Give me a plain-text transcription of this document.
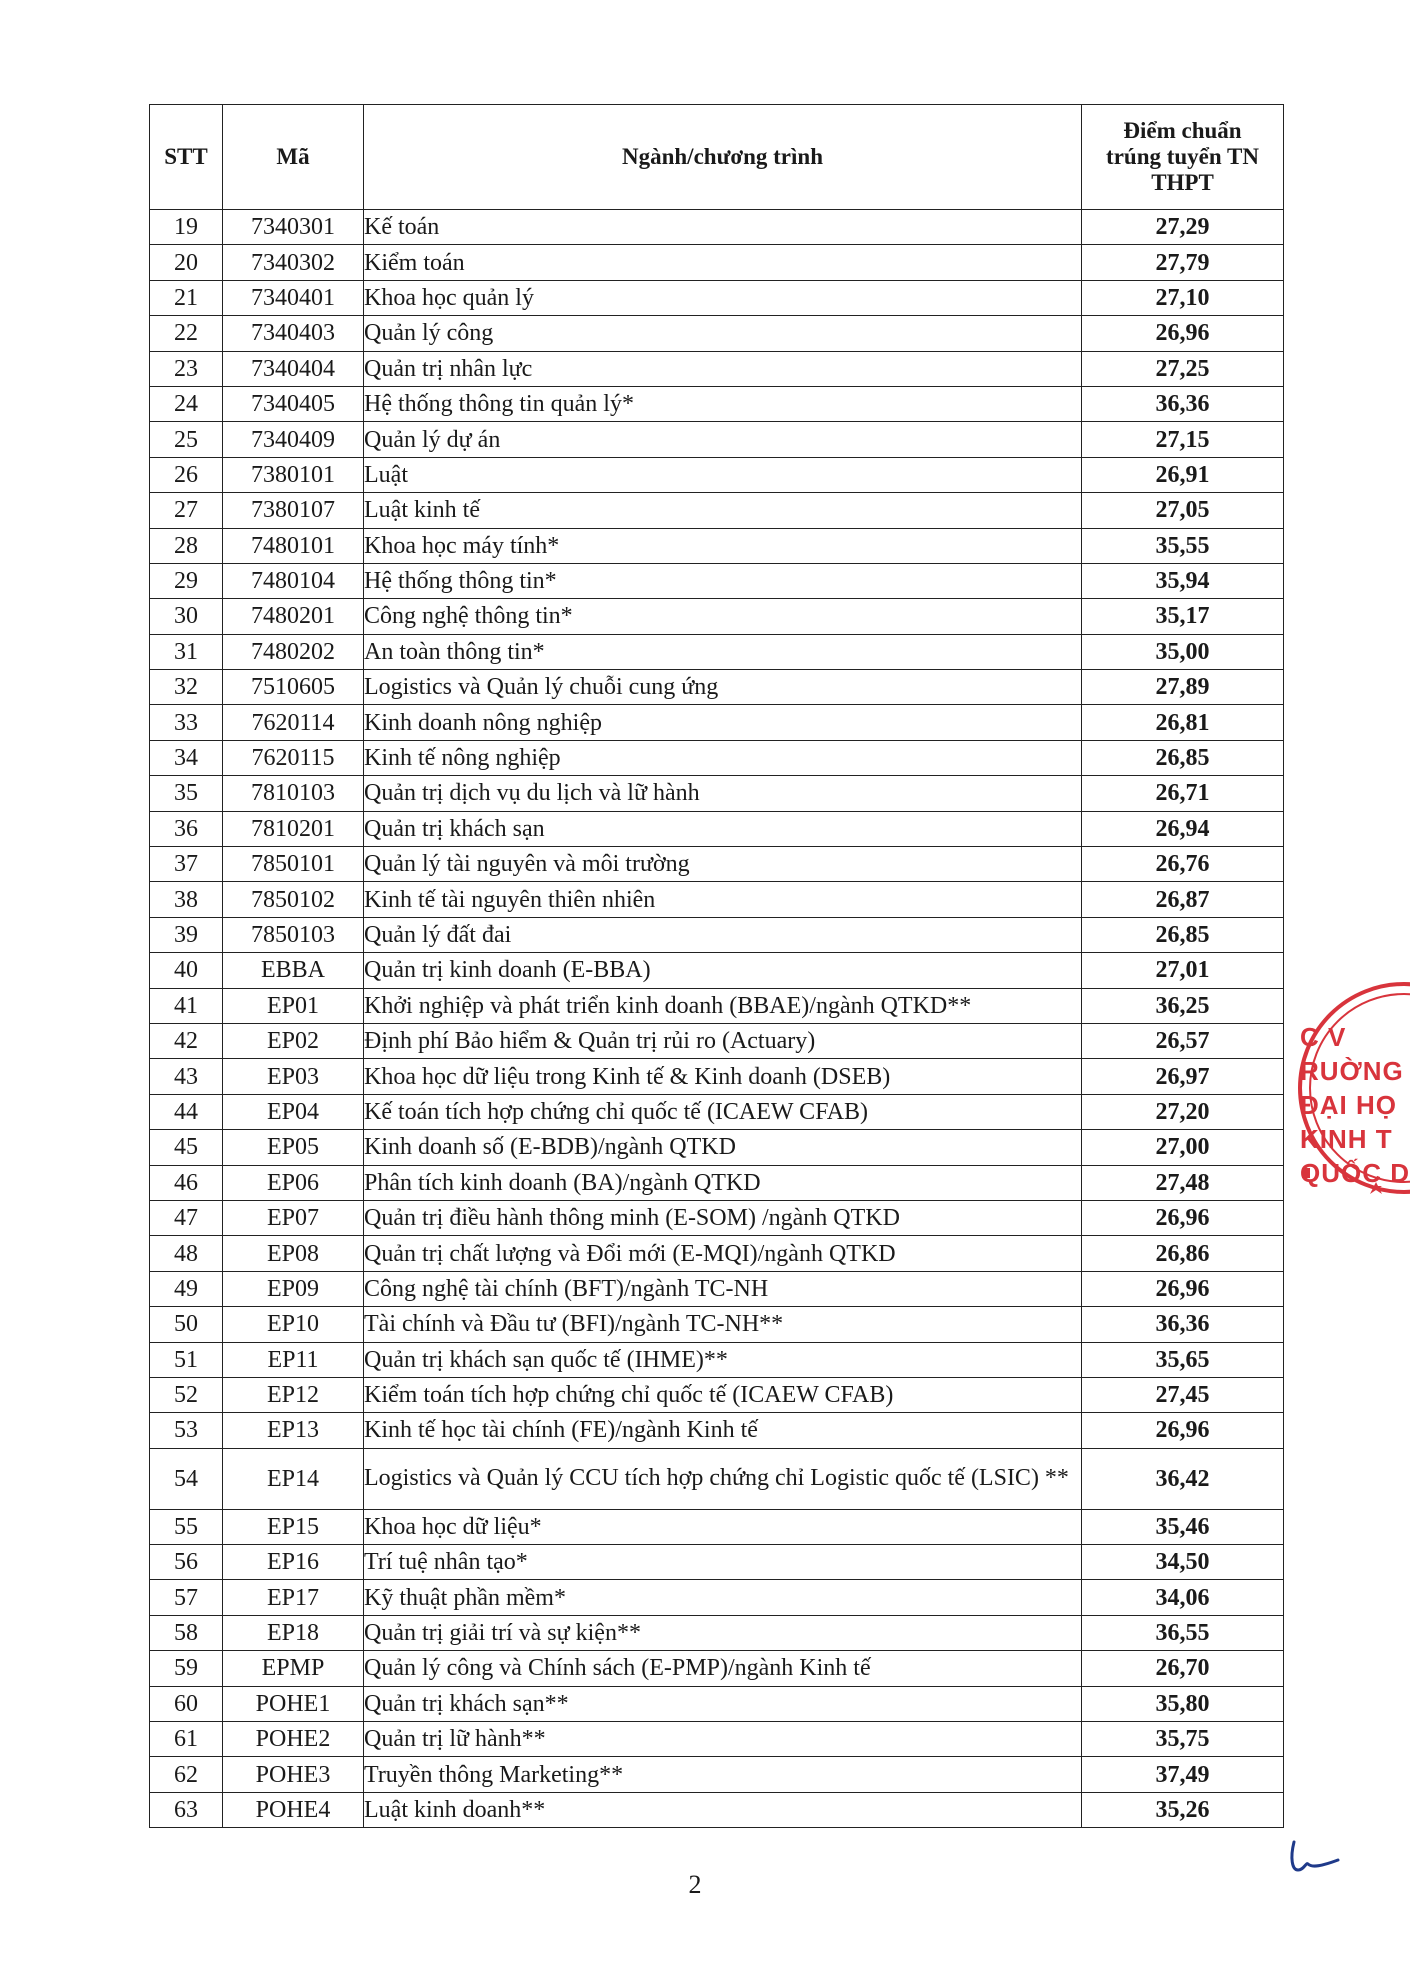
STT	Mã	Ngành/chương trình	Điểm chuẩn trúng tuyển TN THPT
19	7340301	Kế toán	27,29
20	7340302	Kiểm toán	27,79
21	7340401	Khoa học quản lý	27,10
22	7340403	Quản lý công	26,96
23	7340404	Quản trị nhân lực	27,25
24	7340405	Hệ thống thông tin quản lý*	36,36
25	7340409	Quản lý dự án	27,15
26	7380101	Luật	26,91
27	7380107	Luật kinh tế	27,05
28	7480101	Khoa học máy tính*	35,55
29	7480104	Hệ thống thông tin*	35,94
30	7480201	Công nghệ thông tin*	35,17
31	7480202	An toàn thông tin*	35,00
32	7510605	Logistics và Quản lý chuỗi cung ứng	27,89
33	7620114	Kinh doanh nông nghiệp	26,81
34	7620115	Kinh tế nông nghiệp	26,85
35	7810103	Quản trị dịch vụ du lịch và lữ hành	26,71
36	7810201	Quản trị khách sạn	26,94
37	7850101	Quản lý tài nguyên và môi trường	26,76
38	7850102	Kinh tế tài nguyên thiên nhiên	26,87
39	7850103	Quản lý đất đai	26,85
40	EBBA	Quản trị kinh doanh (E-BBA)	27,01
41	EP01	Khởi nghiệp và phát triển kinh doanh (BBAE)/ngành QTKD**	36,25
42	EP02	Định phí Bảo hiểm & Quản trị rủi ro (Actuary)	26,57
43	EP03	Khoa học dữ liệu trong Kinh tế & Kinh doanh (DSEB)	26,97
44	EP04	Kế toán tích hợp chứng chỉ quốc tế (ICAEW CFAB)	27,20
45	EP05	Kinh doanh số (E-BDB)/ngành QTKD	27,00
46	EP06	Phân tích kinh doanh (BA)/ngành QTKD	27,48
47	EP07	Quản trị điều hành thông minh (E-SOM) /ngành QTKD	26,96
48	EP08	Quản trị chất lượng và Đổi mới (E-MQI)/ngành QTKD	26,86
49	EP09	Công nghệ tài chính (BFT)/ngành TC-NH	26,96
50	EP10	Tài chính và Đầu tư (BFI)/ngành TC-NH**	36,36
51	EP11	Quản trị khách sạn quốc tế (IHME)**	35,65
52	EP12	Kiểm toán tích hợp chứng chỉ quốc tế (ICAEW CFAB)	27,45
53	EP13	Kinh tế học tài chính (FE)/ngành Kinh tế	26,96
54	EP14	Logistics và Quản lý CCU tích hợp chứng chỉ Logistic quốc tế (LSIC) **	36,42
55	EP15	Khoa học dữ liệu*	35,46
56	EP16	Trí tuệ nhân tạo*	34,50
57	EP17	Kỹ thuật phần mềm*	34,06
58	EP18	Quản trị giải trí và sự kiện**	36,55
59	EPMP	Quản lý công và Chính sách (E-PMP)/ngành Kinh tế	26,70
60	POHE1	Quản trị khách sạn**	35,80
61	POHE2	Quản trị lữ hành**	35,75
62	POHE3	Truyền thông Marketing**	37,49
63	POHE4	Luật kinh doanh**	35,26
2
C V
RUỜNG
ĐẠI HỌ
KINH T
QUỐC D
